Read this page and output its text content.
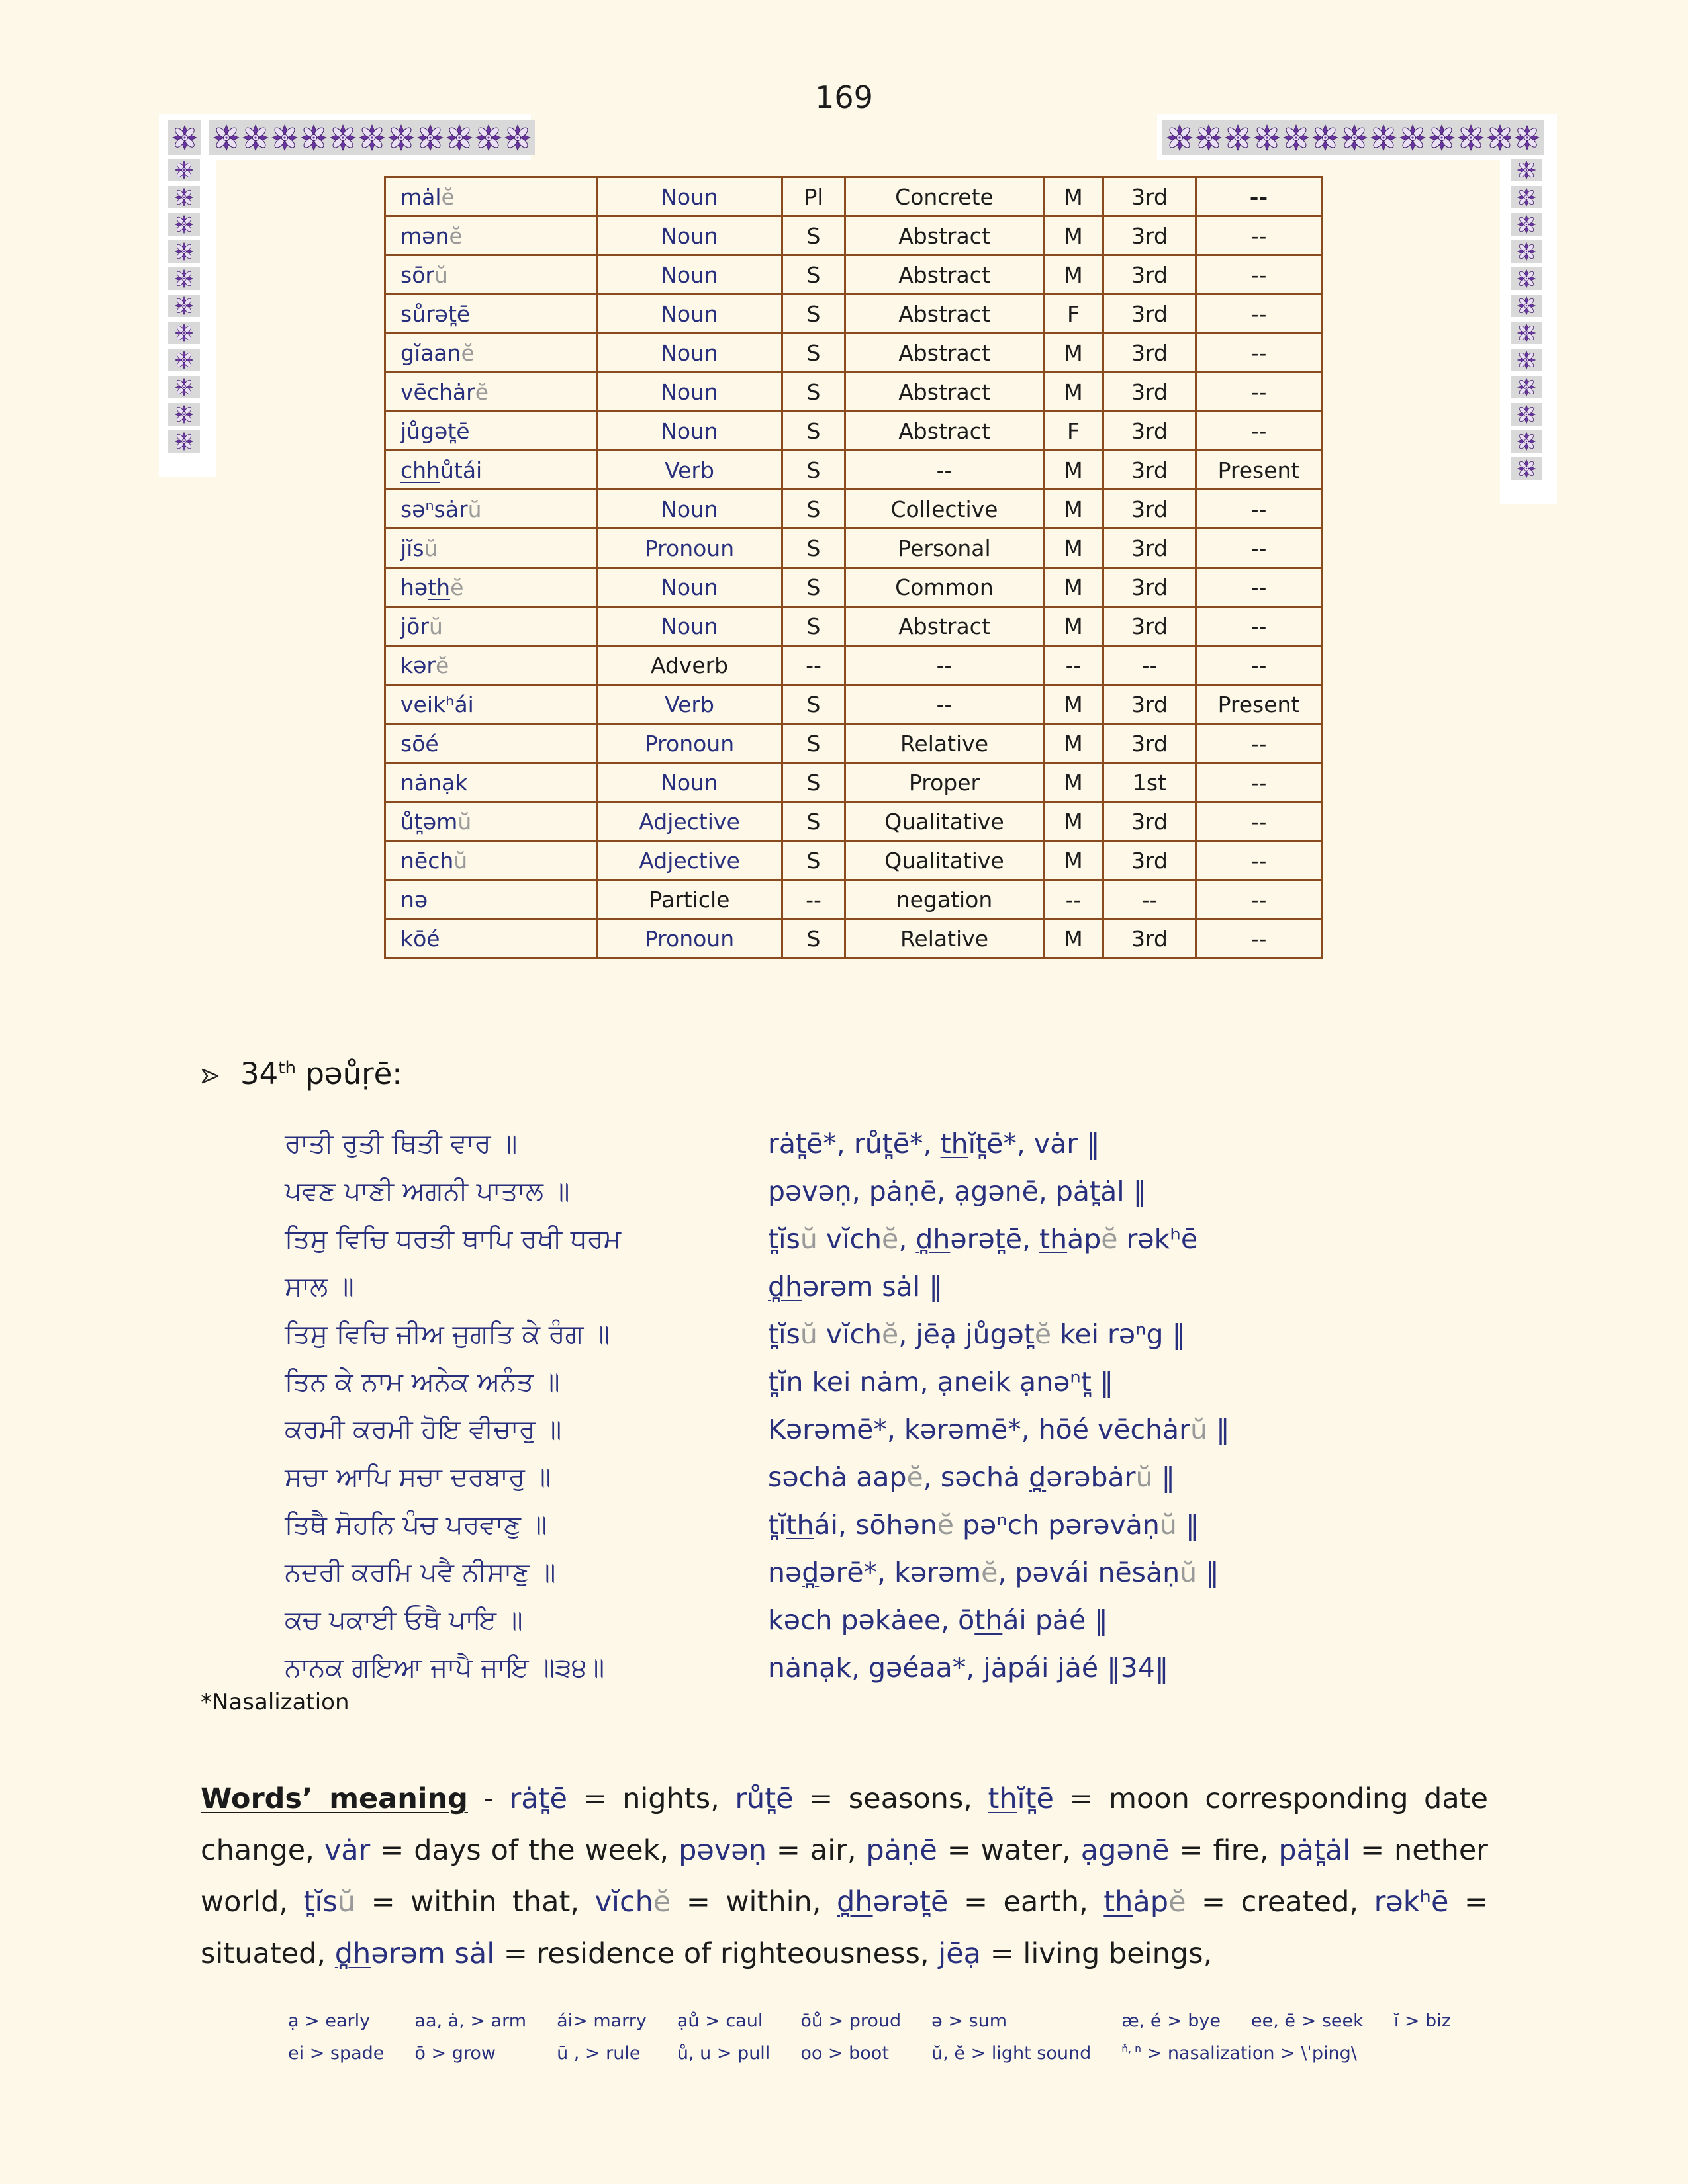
169
mȧlĕ	Noun	Pl	Concrete	M	3rd	--
mənĕ	Noun	S	Abstract	M	3rd	--
sōrŭ	Noun	S	Abstract	M	3rd	--
sůrət̪ē	Noun	S	Abstract	F	3rd	--
gĭaanĕ	Noun	S	Abstract	M	3rd	--
vēchȧrĕ	Noun	S	Abstract	M	3rd	--
jůgət̪ē	Noun	S	Abstract	F	3rd	--
chhůtái	Verb	S	--	M	3rd	Present
səⁿsȧrŭ	Noun	S	Collective	M	3rd	--
jĭsŭ	Pronoun	S	Personal	M	3rd	--
həthĕ	Noun	S	Common	M	3rd	--
jōrŭ	Noun	S	Abstract	M	3rd	--
kərĕ	Adverb	--	--	--	--	--
veikʰái	Verb	S	--	M	3rd	Present
sōé	Pronoun	S	Relative	M	3rd	--
nȧnạk	Noun	S	Proper	M	1st	--
ůt̪əmŭ	Adjective	S	Qualitative	M	3rd	--
nēchŭ	Adjective	S	Qualitative	M	3rd	--
nə	Particle	--	negation	--	--	--
kōé	Pronoun	S	Relative	M	3rd	--
34th pəůṛē:
ਰਾਤੀ ਰੁਤੀ ਥਿਤੀ ਵਾਰ ॥	rȧt̪ē*, růt̪ē*, thĭt̪ē*, vȧr ‖
ਪਵਣ ਪਾਣੀ ਅਗਨੀ ਪਾਤਾਲ ॥	pəvəṇ, pȧṇē, ạgənē, pȧt̪ȧl ‖
ਤਿਸੁ ਵਿਚਿ ਧਰਤੀ ਥਾਪਿ ਰਖੀ ਧਰਮ	t̪ĭsŭ vĭchĕ, d̪hərət̪ē, thȧpĕ rəkʰē
ਸਾਲ ॥	d̪hərəm sȧl ‖
ਤਿਸੁ ਵਿਚਿ ਜੀਅ ਜੁਗਤਿ ਕੇ ਰੰਗ ॥	t̪ĭsŭ vĭchĕ, jēạ jůgət̪ĕ kei rəⁿg ‖
ਤਿਨ ਕੇ ਨਾਮ ਅਨੇਕ ਅਨੰਤ ॥	t̪ĭn kei nȧm, ạneik ạnəⁿt̪ ‖
ਕਰਮੀ ਕਰਮੀ ਹੋਇ ਵੀਚਾਰੁ ॥	Kərəmē*, kərəmē*, hōé vēchȧrŭ ‖
ਸਚਾ ਆਪਿ ਸਚਾ ਦਰਬਾਰੁ ॥	səchȧ aapĕ, səchȧ d̪ərəbȧrŭ ‖
ਤਿਥੈ ਸੋਹਨਿ ਪੰਚ ਪਰਵਾਣੁ ॥	t̪ĭthái, sōhənĕ pəⁿch pərəvȧṇŭ ‖
ਨਦਰੀ ਕਰਮਿ ਪਵੈ ਨੀਸਾਣੁ ॥	nəd̪ərē*, kərəmĕ, pəvái nēsȧṇŭ ‖
ਕਚ ਪਕਾਈ ਓਥੈ ਪਾਇ ॥	kəch pəkȧee, ōthái pȧé ‖
ਨਾਨਕ ਗਇਆ ਜਾਪੈ ਜਾਇ ॥੩੪॥	nȧnạk, gəéaa*, jȧpái jȧé ‖34‖
*Nasalization

Words’ meaning - rȧt̪ē = nights, růt̪ē = seasons, thĭt̪ē = moon corresponding date change, vȧr = days of the week, pəvəṇ = air, pȧṇē = water, ạgənē = fire, pȧt̪ȧl = nether world, t̪ĭsŭ = within that, vĭchĕ = within, d̪hərət̪ē = earth, thȧpĕ = created, rəkʰē = situated, d̪hərəm sȧl = residence of righteousness, jēạ = living beings,

ạ > early aa, ȧ, > arm ái> marry ạů > caul ōů > proud ə > sum	æ, é > bye ee, ē > seek ĭ > biz
ei > spade ō > grow	ū , > rule ů, u > pull oo > boot ŭ, ĕ > light sound	$^{ň, n}$ > nasalization > \ˈping\
